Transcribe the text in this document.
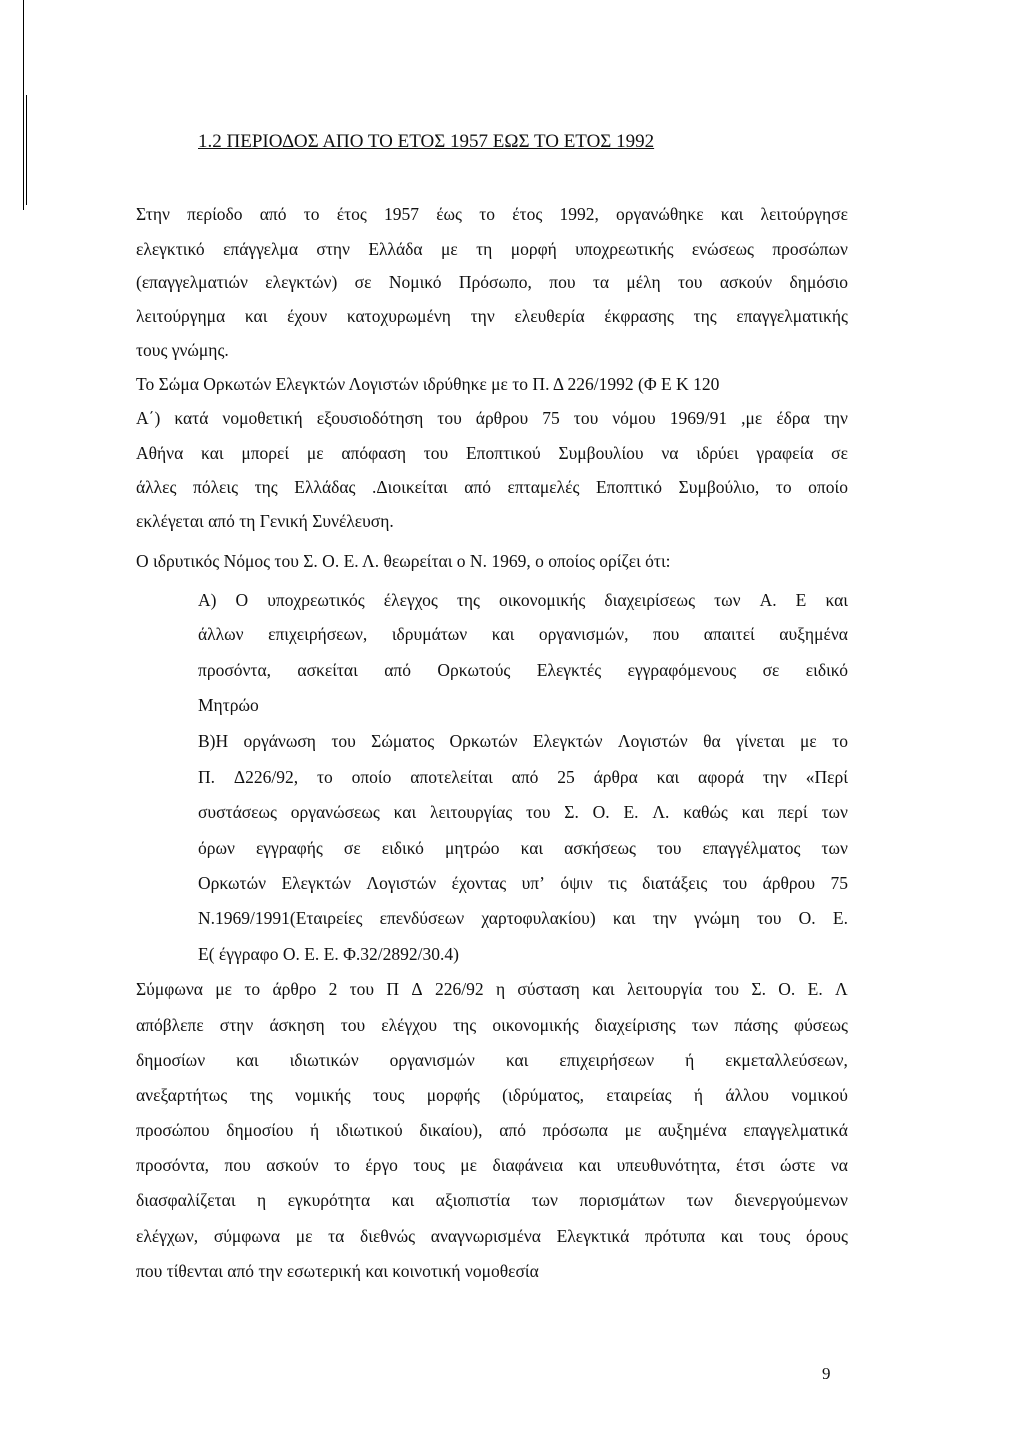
1.2 ΠΕΡΙΟΔΟΣ ΑΠΟ ΤΟ ΕΤΟΣ 1957 ΕΩΣ ΤΟ ΕΤΟΣ 1992
Στην περίοδο από το έτος 1957 έως το έτος 1992, οργανώθηκε και λειτούργησε
ελεγκτικό επάγγελμα στην Ελλάδα με τη μορφή υποχρεωτικής ενώσεως προσώπων
(επαγγελματιών ελεγκτών) σε Νομικό Πρόσωπο, που τα μέλη του ασκούν δημόσιο
λειτούργημα και έχουν κατοχυρωμένη την ελευθερία έκφρασης της επαγγελματικής
τους γνώμης.
Το Σώμα Ορκωτών Ελεγκτών Λογιστών ιδρύθηκε με το Π. Δ 226/1992 (Φ Ε Κ 120
Α΄) κατά νομοθετική εξουσιοδότηση του άρθρου 75 του νόμου 1969/91 ,με έδρα την
Αθήνα και μπορεί με απόφαση του Εποπτικού Συμβουλίου να ιδρύει γραφεία σε
άλλες πόλεις της Ελλάδας .Διοικείται από επταμελές Εποπτικό Συμβούλιο, το οποίο
εκλέγεται από τη Γενική Συνέλευση.
Ο ιδρυτικός Νόμος του Σ. Ο. Ε. Λ. θεωρείται ο Ν. 1969, ο οποίος ορίζει ότι:
Α) Ο υποχρεωτικός έλεγχος της οικονομικής διαχειρίσεως των Α. Ε και
άλλων επιχειρήσεων, ιδρυμάτων και οργανισμών, που απαιτεί αυξημένα
προσόντα, ασκείται από Ορκωτούς Ελεγκτές εγγραφόμενους σε ειδικό
Μητρώο
Β)Η οργάνωση του Σώματος Ορκωτών Ελεγκτών Λογιστών θα γίνεται με το
Π. Δ226/92, το οποίο αποτελείται από 25 άρθρα και αφορά την «Περί
συστάσεως οργανώσεως και λειτουργίας του Σ. Ο. Ε. Λ. καθώς και περί των
όρων εγγραφής σε ειδικό μητρώο και ασκήσεως του επαγγέλματος των
Ορκωτών Ελεγκτών Λογιστών έχοντας υπ’ όψιν τις διατάξεις του άρθρου 75
Ν.1969/1991(Εταιρείες επενδύσεων χαρτοφυλακίου) και την γνώμη του Ο. Ε.
Ε( έγγραφο Ο. Ε. Ε. Φ.32/2892/30.4)
Σύμφωνα με το άρθρο 2 του Π Δ 226/92 η σύσταση και λειτουργία του Σ. Ο. Ε. Λ
απόβλεπε στην άσκηση του ελέγχου της οικονομικής διαχείρισης των πάσης φύσεως
δημοσίων και ιδιωτικών οργανισμών και επιχειρήσεων ή εκμεταλλεύσεων,
ανεξαρτήτως της νομικής τους μορφής (ιδρύματος, εταιρείας ή άλλου νομικού
προσώπου δημοσίου ή ιδιωτικού δικαίου), από πρόσωπα με αυξημένα επαγγελματικά
προσόντα, που ασκούν το έργο τους με διαφάνεια και υπευθυνότητα, έτσι ώστε να
διασφαλίζεται η εγκυρότητα και αξιοπιστία των πορισμάτων των διενεργούμενων
ελέγχων, σύμφωνα με τα διεθνώς αναγνωρισμένα Ελεγκτικά πρότυπα και τους όρους
που τίθενται από την εσωτερική και κοινοτική νομοθεσία
9
